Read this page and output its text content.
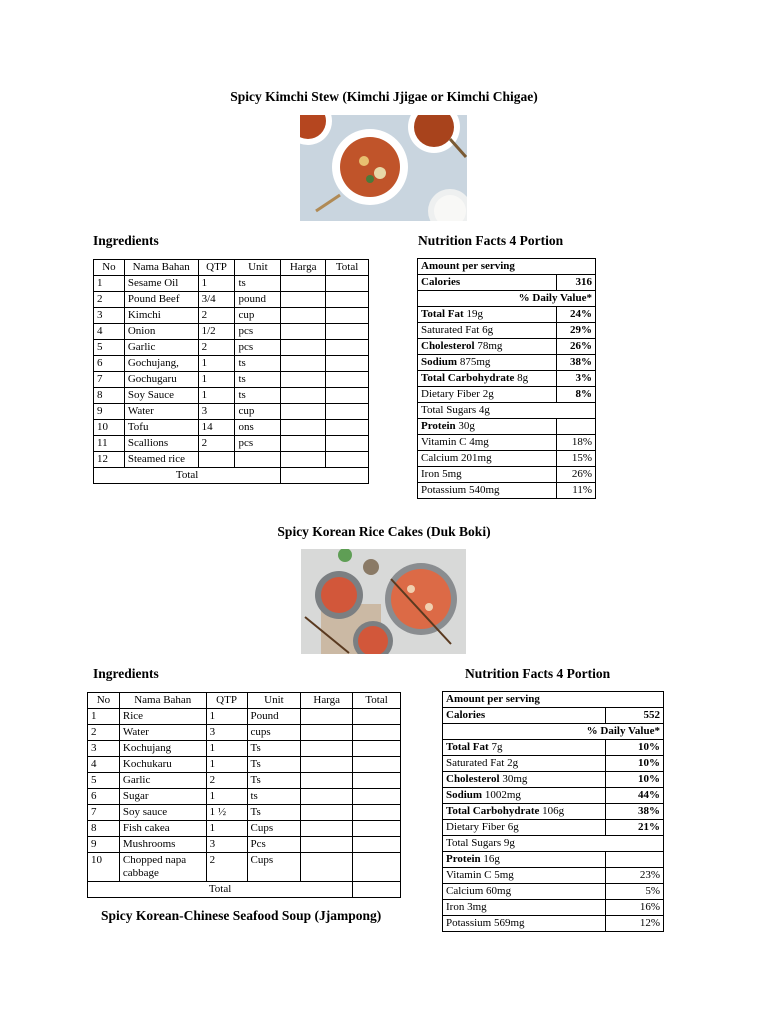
Spicy Kimchi Stew (Kimchi Jjigae or Kimchi Chigae)
Ingredients	Nutrition Facts 4 Portion
No	Nama Bahan	QTP	Unit	Harga	Total
1	Sesame Oil	1	ts		
2	Pound Beef	3/4	pound		
3	Kimchi	2	cup		
4	Onion	1/2	pcs		
5	Garlic	2	pcs		
6	Gochujang,	1	ts		
7	Gochugaru	1	ts		
8	Soy Sauce	1	ts		
9	Water	3	cup		
10	Tofu	14	ons		
11	Scallions	2	pcs		
12	Steamed rice				
Total					
Amount per serving	
Calories	316
% Daily Value*	
Total Fat 19g	24%
Saturated Fat 6g	29%
Cholesterol 78mg	26%
Sodium 875mg	38%
Total Carbohydrate 8g	3%
Dietary Fiber 2g	8%
Total Sugars 4g	
Protein 30g	
Vitamin C 4mg	18%
Calcium 201mg	15%
Iron 5mg	26%
Potassium 540mg	11%
Spicy Korean Rice Cakes (Duk Boki)
Ingredients	Nutrition Facts 4 Portion
No	Nama Bahan	QTP	Unit	Harga	Total
1	Rice	1	Pound		
2	Water	3	cups		
3	Kochujang	1	Ts		
4	Kochukaru	1	Ts		
5	Garlic	2	Ts		
6	Sugar	1	ts		
7	Soy sauce	1 ½	Ts		
8	Fish cakea	1	Cups		
9	Mushrooms	3	Pcs		
10	Chopped napa cabbage	2	Cups		
Total					
Amount per serving	
Calories	552
% Daily Value*	
Total Fat 7g	10%
Saturated Fat 2g	10%
Cholesterol 30mg	10%
Sodium 1002mg	44%
Total Carbohydrate 106g	38%
Dietary Fiber 6g	21%
Total Sugars 9g	
Protein 16g	
Vitamin C 5mg	23%
Calcium 60mg	5%
Iron 3mg	16%
Potassium 569mg	12%
Spicy Korean-Chinese Seafood Soup (Jjampong)
